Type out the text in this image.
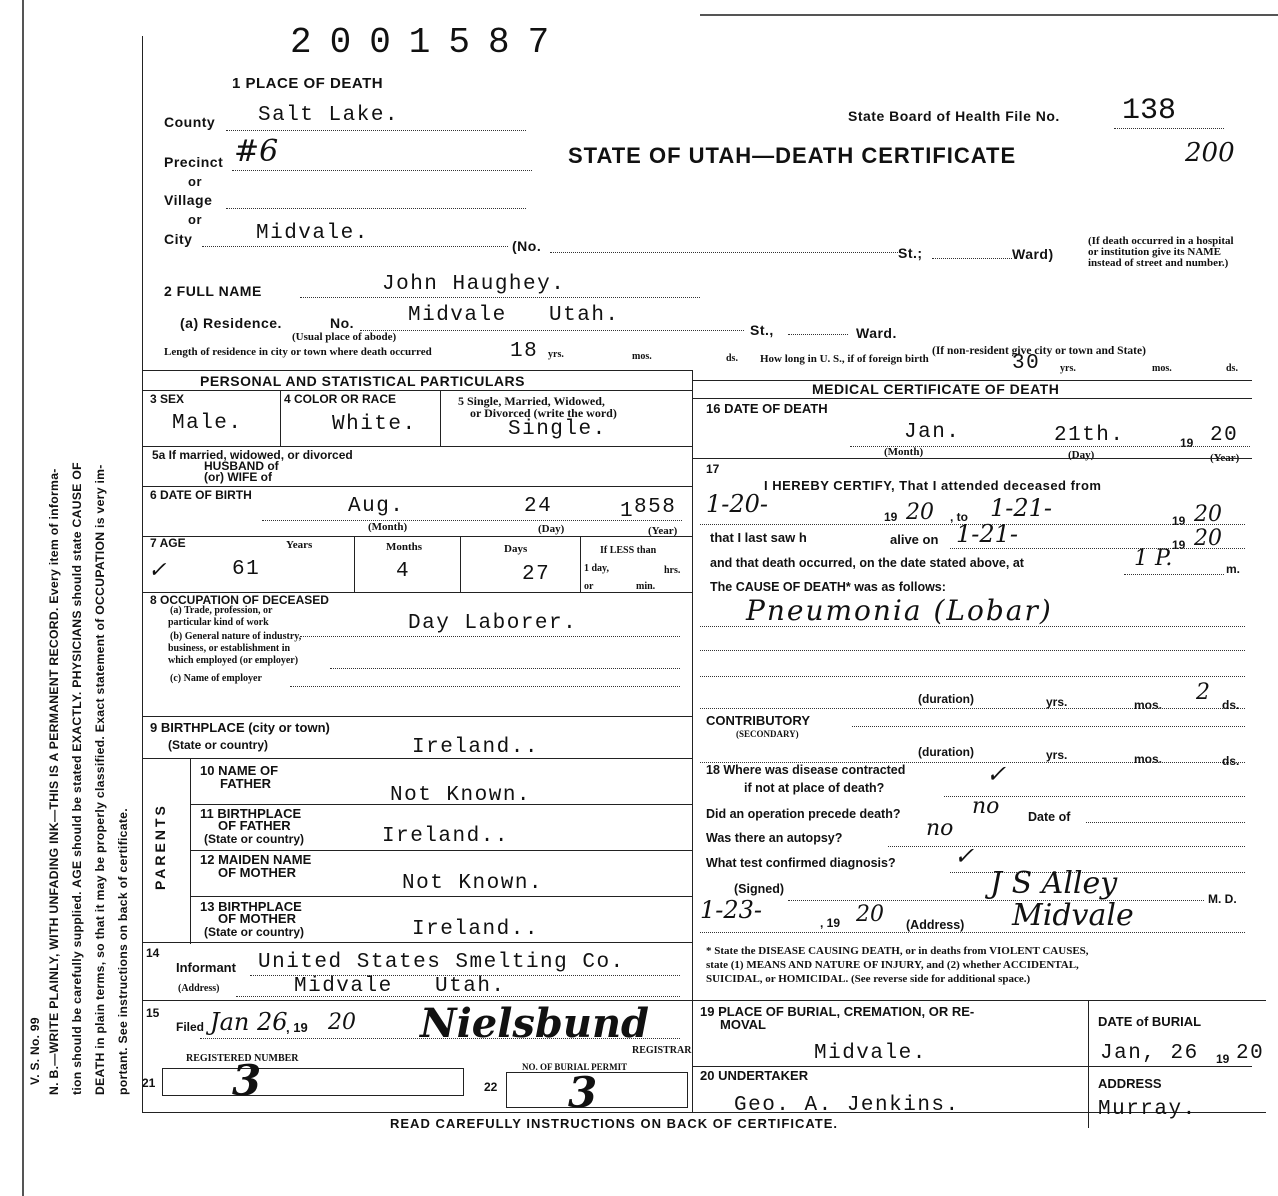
V. S. No. 99 N. B.—WRITE PLAINLY, WITH UNFADING INK—THIS IS A PERMANENT RECORD. Every item of informa- tion should be carefully supplied. AGE should be stated EXACTLY. PHYSICIANS should state CAUSE OF DEATH in plain terms, so that it may be properly classified. Exact statement of OCCUPATION is very im- portant. See instructions on back of certificate.
2001587
1 PLACE OF DEATH
State Board of Health File No. 138
STATE OF UTAH—DEATH CERTIFICATE	200
County Salt Lake.
Precinct #6
or
Village
or
City	Midvale.
(No.	St.;	Ward)
(If death occurred in a hospital or institution give its NAME instead of street and number.)
2 FULL NAME	John Haughey.
(a) Residence.	No.	Midvale   Utah.
St.,	Ward.
(Usual place of abode)
(If non-resident give city or town and State)
Length of residence in city or town where death occurred	18 yrs.	mos.	ds. How long in U. S., if of foreign birth	30 yrs.	mos.	ds.
PERSONAL AND STATISTICAL PARTICULARS
3 SEX
Male.
4 COLOR OR RACE
White.
5 Single, Married, Widowed,
or Divorced (write the word)
Single.
5a If married, widowed, or divorced
HUSBAND of
(or) WIFE of
6 DATE OF BIRTH	Aug.	24	1 858
(Month)	(Day)	(Year)
7 AGE
✓
Years
61
Months
4
Days
27
If LESS than
1 day,	hrs.
or	min.
8 OCCUPATION OF DECEASED
(a) Trade, profession, or
particular kind of work	Day Laborer.
(b) General nature of industry,
business, or establishment in
which employed (or employer)
(c) Name of employer
9 BIRTHPLACE (city or town)
(State or country)	Ireland..
PARENTS
10 NAME OF
FATHER
Not Known.
11 BIRTHPLACE
OF FATHER
(State or country)	Ireland..
12 MAIDEN NAME
OF MOTHER	Not Known.
13 BIRTHPLACE
OF MOTHER
(State or country)	Ireland..
14
Informant United States Smelting Co.
(Address)	Midvale   Utah.
15
Filed Jan 26
, 19 20 Nielsbund
REGISTRAR
REGISTERED NUMBER
21 3	22
NO. OF BURIAL PERMIT
3
MEDICAL CERTIFICATE OF DEATH
16 DATE OF DEATH
Jan.	21th.	19 20
(Month)	(Day)	(Year)
17
I HEREBY CERTIFY, That I attended deceased from
1-20-	19 20 , to 1-21-	19 20
that I last saw h	alive on 1-21-	19 20
and that death occurred, on the date stated above, at	1 P.	m.
The CAUSE OF DEATH* was as follows:
Pneumonia (Lobar)
(duration)	yrs.	mos. 2 ds.
CONTRIBUTORY
(SECONDARY)
(duration)	yrs.	mos.	ds.
18 Where was disease contracted
if not at place of death?	✓
Did an operation precede death?	no Date of
Was there an autopsy?	no
What test confirmed diagnosis? ✓
(Signed)	J S Alley	M. D.
1-23-	, 19 20 (Address) Midvale
* State the DISEASE CAUSING DEATH, or in deaths from VIOLENT CAUSES,
state (1) MEANS AND NATURE OF INJURY, and (2) whether ACCIDENTAL,
SUICIDAL, or HOMICIDAL. (See reverse side for additional space.)
19 PLACE OF BURIAL, CREMATION, OR RE-
MOVAL
Midvale.
DATE of BURIAL
Jan, 26 19 20
20 UNDERTAKER
Geo. A. Jenkins.
ADDRESS
Murray.
READ CAREFULLY INSTRUCTIONS ON BACK OF CERTIFICATE.
